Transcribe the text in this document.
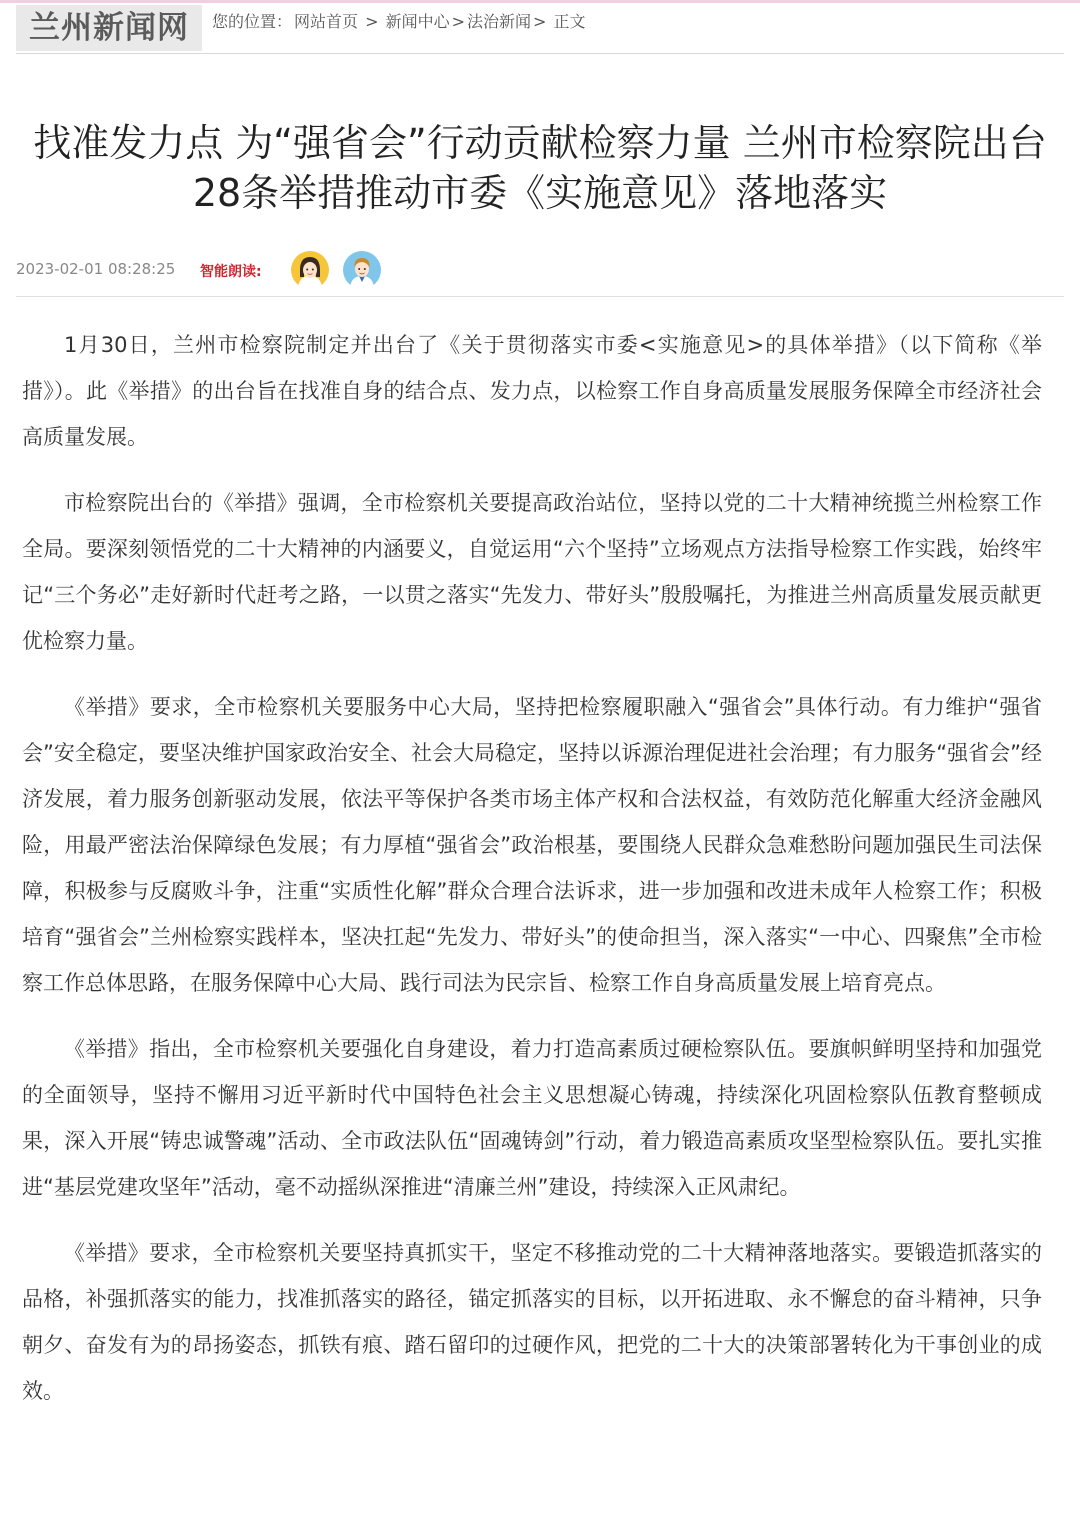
兰州新闻网	您的位置： 网站首页 > 新闻中心 > 法治新闻 > 正文
找准发力点 为“强省会”行动贡献检察力量 兰州市检察院出台28条举措推动市委《实施意见》落地落实
2023-02-01 08:28:25 智能朗读:

1月30日，兰州市检察院制定并出台了《关于贯彻落实市委<实施意见>的具体举措》（以下简称《举措》）。此《举措》的出台旨在找准自身的结合点、发力点，以检察工作自身高质量发展服务保障全市经济社会高质量发展。

市检察院出台的《举措》强调，全市检察机关要提高政治站位，坚持以党的二十大精神统揽兰州检察工作全局。要深刻领悟党的二十大精神的内涵要义，自觉运用“六个坚持”立场观点方法指导检察工作实践，始终牢记“三个务必”走好新时代赶考之路，一以贯之落实“先发力、带好头”殷殷嘱托，为推进兰州高质量发展贡献更优检察力量。

《举措》要求，全市检察机关要服务中心大局，坚持把检察履职融入“强省会”具体行动。有力维护“强省会”安全稳定，要坚决维护国家政治安全、社会大局稳定，坚持以诉源治理促进社会治理；有力服务“强省会”经济发展，着力服务创新驱动发展，依法平等保护各类市场主体产权和合法权益，有效防范化解重大经济金融风险，用最严密法治保障绿色发展；有力厚植“强省会”政治根基，要围绕人民群众急难愁盼问题加强民生司法保障，积极参与反腐败斗争，注重“实质性化解”群众合理合法诉求，进一步加强和改进未成年人检察工作；积极培育“强省会”兰州检察实践样本，坚决扛起“先发力、带好头”的使命担当，深入落实“一中心、四聚焦”全市检察工作总体思路，在服务保障中心大局、践行司法为民宗旨、检察工作自身高质量发展上培育亮点。

《举措》指出，全市检察机关要强化自身建设，着力打造高素质过硬检察队伍。要旗帜鲜明坚持和加强党的全面领导，坚持不懈用习近平新时代中国特色社会主义思想凝心铸魂，持续深化巩固检察队伍教育整顿成果，深入开展“铸忠诚警魂”活动、全市政法队伍“固魂铸剑”行动，着力锻造高素质攻坚型检察队伍。要扎实推进“基层党建攻坚年”活动，毫不动摇纵深推进“清廉兰州”建设，持续深入正风肃纪。

《举措》要求，全市检察机关要坚持真抓实干，坚定不移推动党的二十大精神落地落实。要锻造抓落实的品格，补强抓落实的能力，找准抓落实的路径，锚定抓落实的目标，以开拓进取、永不懈怠的奋斗精神，只争朝夕、奋发有为的昂扬姿态，抓铁有痕、踏石留印的过硬作风，把党的二十大的决策部署转化为干事创业的成效。
